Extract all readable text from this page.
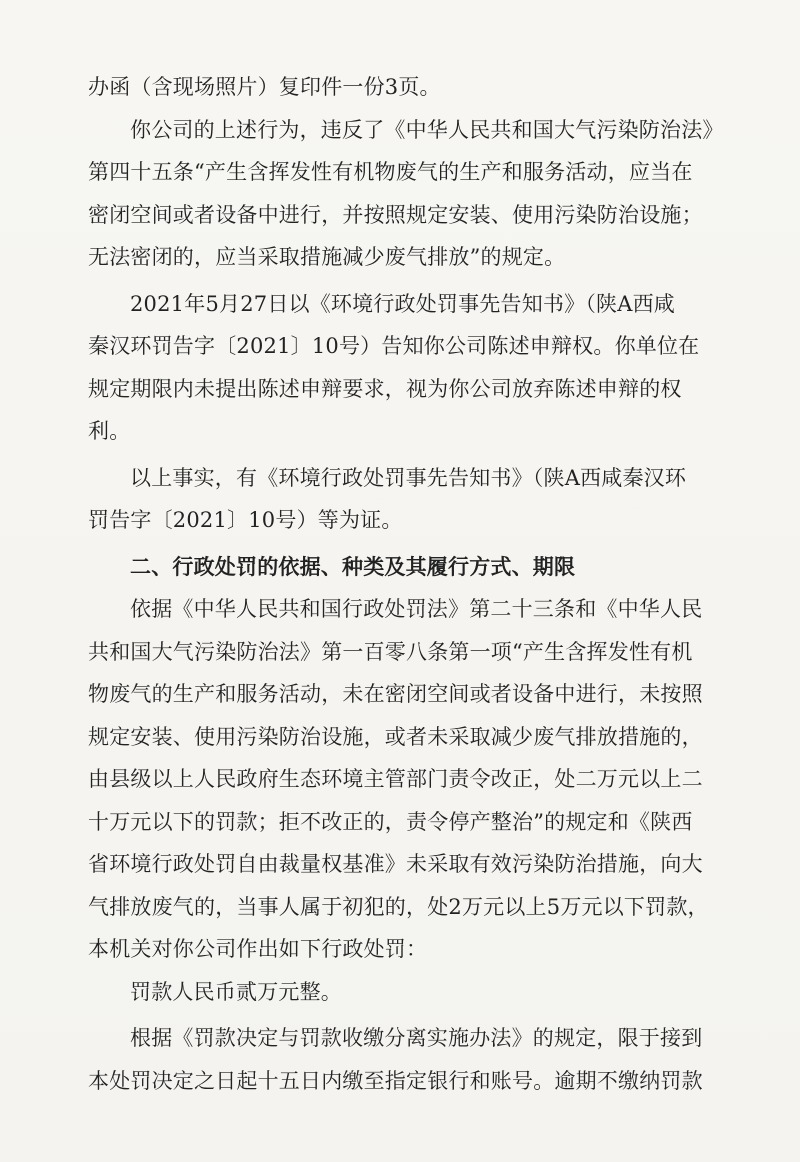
办函（含现场照片）复印件一份3页。
你公司的上述行为，违反了《中华人民共和国大气污染防治法》
第四十五条“产生含挥发性有机物废气的生产和服务活动，应当在
密闭空间或者设备中进行，并按照规定安装、使用污染防治设施；
无法密闭的，应当采取措施减少废气排放”的规定。
2021年5月27日以《环境行政处罚事先告知书》（陕A西咸
秦汉环罚告字〔2021〕10号）告知你公司陈述申辩权。你单位在
规定期限内未提出陈述申辩要求，视为你公司放弃陈述申辩的权
利。
以上事实，有《环境行政处罚事先告知书》（陕A西咸秦汉环
罚告字〔2021〕10号）等为证。
二、行政处罚的依据、种类及其履行方式、期限
依据《中华人民共和国行政处罚法》第二十三条和《中华人民
共和国大气污染防治法》第一百零八条第一项“产生含挥发性有机
物废气的生产和服务活动，未在密闭空间或者设备中进行，未按照
规定安装、使用污染防治设施，或者未采取减少废气排放措施的，
由县级以上人民政府生态环境主管部门责令改正，处二万元以上二
十万元以下的罚款；拒不改正的，责令停产整治”的规定和《陕西
省环境行政处罚自由裁量权基准》未采取有效污染防治措施，向大
气排放废气的，当事人属于初犯的，处2万元以上5万元以下罚款，
本机关对你公司作出如下行政处罚：
罚款人民币贰万元整。
根据《罚款决定与罚款收缴分离实施办法》的规定，限于接到
本处罚决定之日起十五日内缴至指定银行和账号。逾期不缴纳罚款
